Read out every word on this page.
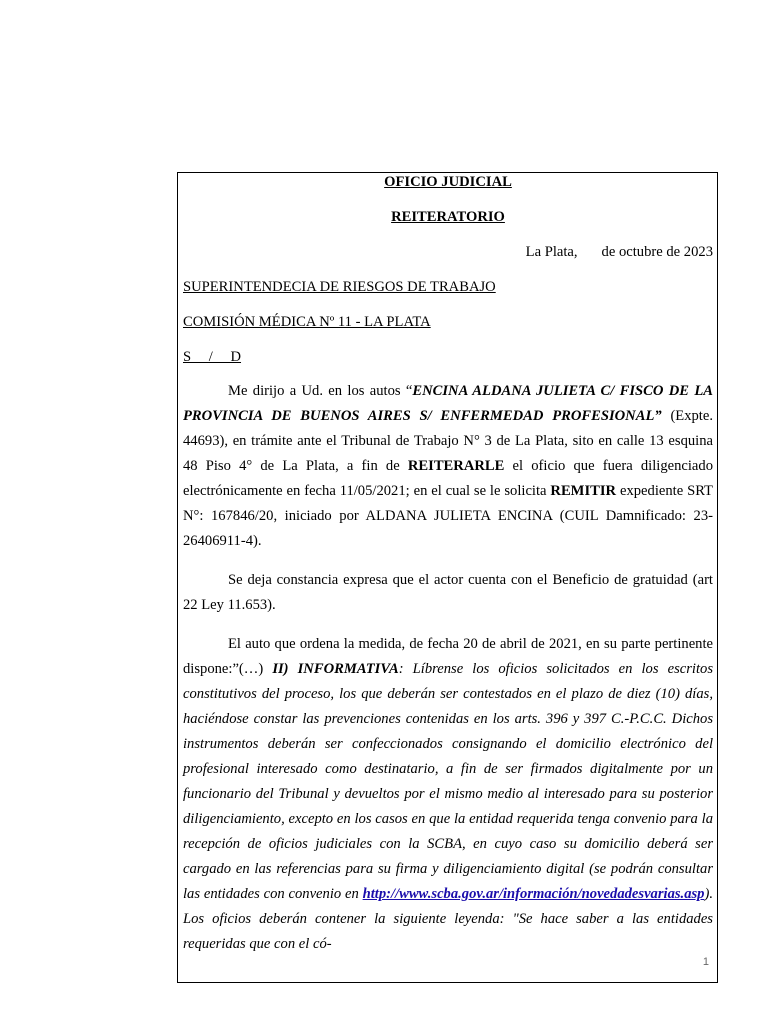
OFICIO JUDICIAL
REITERATORIO
La Plata, de octubre de 2023
SUPERINTENDECIA DE RIESGOS DE TRABAJO
COMISIÓN MÉDICA Nº 11 - LA PLATA
S / D
Me dirijo a Ud. en los autos “ENCINA ALDANA JULIETA C/ FISCO DE LA PROVINCIA DE BUENOS AIRES S/ ENFERMEDAD PROFESIONAL” (Expte. 44693), en trámite ante el Tribunal de Trabajo N° 3 de La Plata, sito en calle 13 esquina 48 Piso 4° de La Plata, a fin de REITERARLE el oficio que fuera diligenciado electrónicamente en fecha 11/05/2021; en el cual se le solicita REMITIR expediente SRT N°: 167846/20, iniciado por ALDANA JULIETA ENCINA (CUIL Damnificado: 23-26406911-4).
Se deja constancia expresa que el actor cuenta con el Beneficio de gratuidad (art 22 Ley 11.653).
El auto que ordena la medida, de fecha 20 de abril de 2021, en su parte pertinente dispone:”(…) II) INFORMATIVA: Líbrense los oficios solicitados en los escritos constitutivos del proceso, los que deberán ser contestados en el plazo de diez (10) días, haciéndose constar las prevenciones contenidas en los arts. 396 y 397 C.-P.C.C. Dichos instrumentos deberán ser confeccionados consignando el domicilio electrónico del profesional interesado como destinatario, a fin de ser firmados digitalmente por un funcionario del Tribunal y devueltos por el mismo medio al interesado para su posterior diligenciamiento, excepto en los casos en que la entidad requerida tenga convenio para la recepción de oficios judiciales con la SCBA, en cuyo caso su domicilio deberá ser cargado en las referencias para su firma y diligenciamiento digital (se podrán consultar las entidades con convenio en http://www.scba.gov.ar/información/novedadesvarias.asp). Los oficios deberán contener la siguiente leyenda: "Se hace saber a las entidades requeridas que con el có-
1
